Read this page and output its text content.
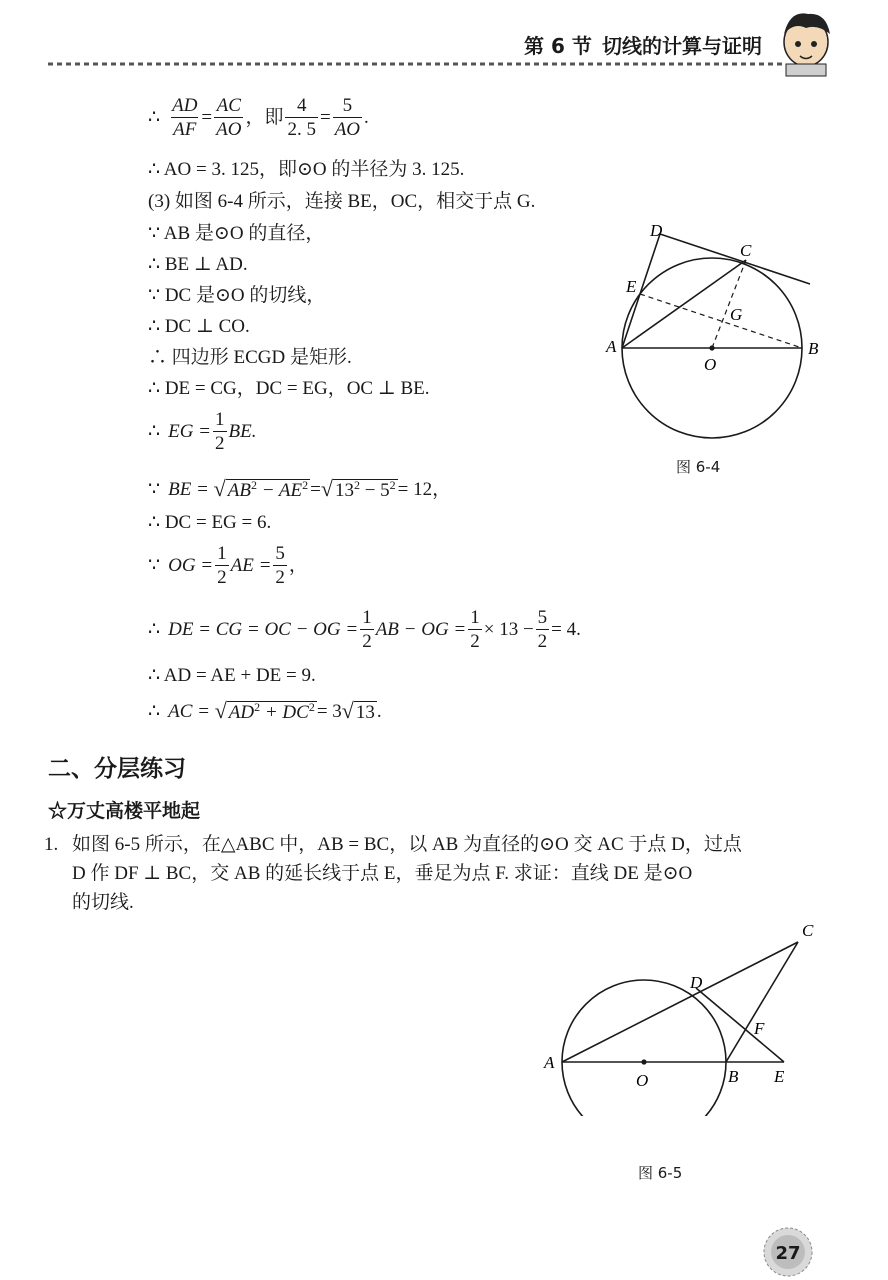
第 6 节 切线的计算与证明
∴ $\frac{AD}{AF} = \frac{AC}{AO}$ ，即 $\frac{4}{2. 5} = \frac{5}{AO}$ .
∴ AO = 3. 125，即⊙O 的半径为 3. 125.
(3) 如图 6-4 所示，连接 BE，OC，相交于点 G.
∵ AB 是⊙O 的直径，
∴ BE ⊥ AD.
∵ DC 是⊙O 的切线，
∴ DC ⊥ CO.
∴ 四边形 ECGD 是矩形.
∴ DE = CG，DC = EG，OC ⊥ BE.
∴ EG = $\frac{1}{2}$ BE.
∵ BE =
√ $AB^2 - AE^2$ = √ $13^2 - 5^2 = 12$，
∴ DC = EG = 6.
∵ OG = $\frac{1}{2}$ AE = $\frac{5}{2}$ ，
∴ DE = CG = OC − OG = $\frac{1}{2}$ AB − OG = $\frac{1}{2} \times 13 - \frac{5}{2} = 4$.
∴ AD = AE + DE = 9.
∴ AC =
√ $AD^2 + DC^2 = 3$ √ 13 .
D
C
E
G
A	B
O
图 6-4
二、分层练习
☆万丈高楼平地起
1. 如图 6-5 所示，在△ABC 中，AB = BC，以 AB 为直径的⊙O 交 AC 于点 D，过点
D 作 DF ⊥ BC，交 AB 的延长线于点 E，垂足为点 F. 求证：直线 DE 是⊙O
的切线.
A
O	B E
D
F
C
图 6-5
27
